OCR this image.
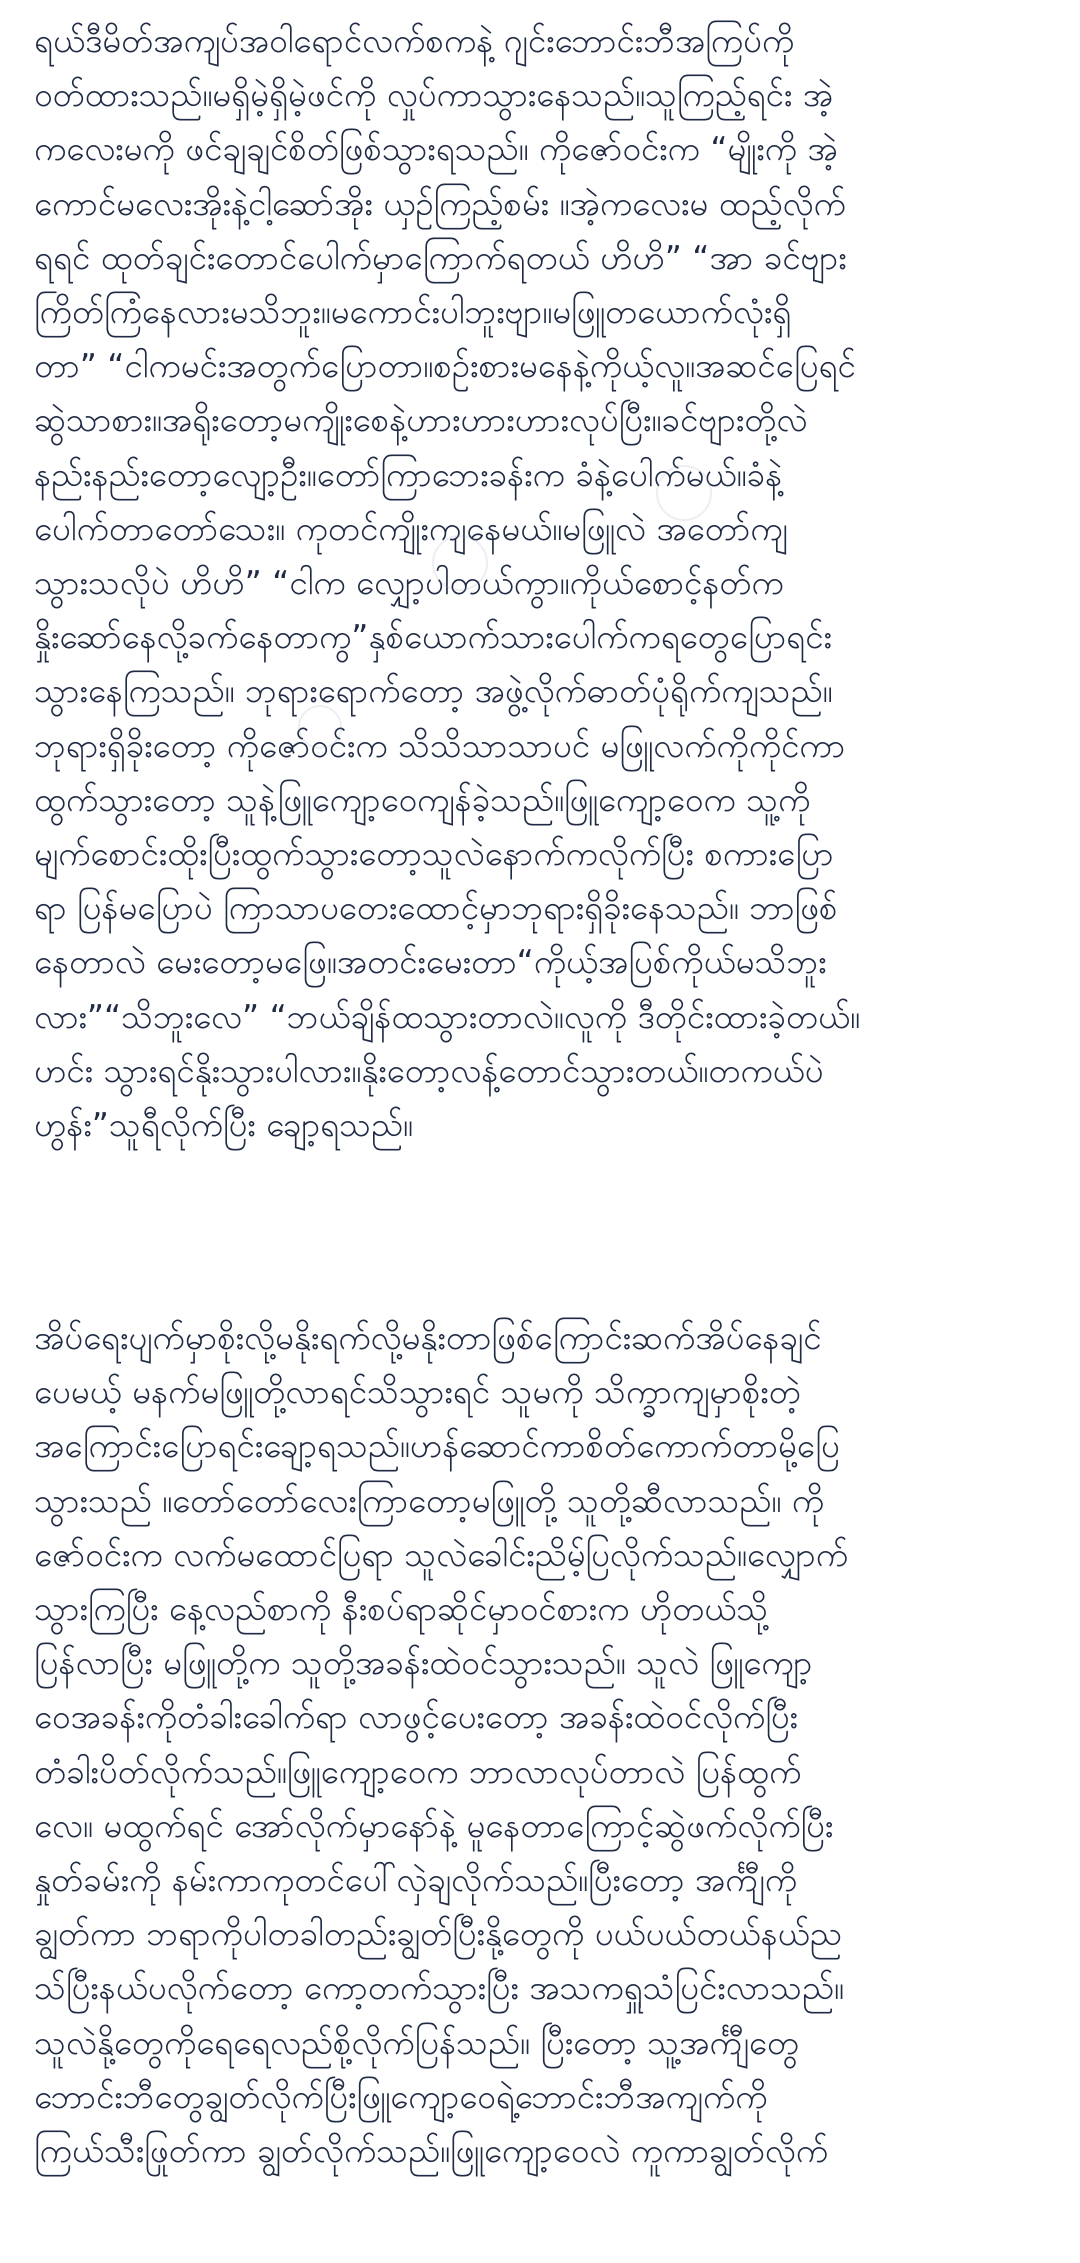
ရယ်ဒီမိတ်အကျပ်အဝါရောင်လက်စကနဲ့ ဂျင်းဘောင်းဘီအကြပ်ကို
ဝတ်ထားသည်။မရှိမဲ့ရှိမဲ့ဖင်ကို လှုပ်ကာသွားနေသည်။သူကြည့်ရင်း အဲ့
ကလေးမကို ဖင်ချချင်စိတ်ဖြစ်သွားရသည်။ ကိုဇော်ဝင်းက “မျိုးကို အဲ့
ကောင်မလေးအိုးနဲ့ငါ့ဆော်အိုး ယှဉ်ကြည့်စမ်း ။အဲ့ကလေးမ ထည့်လိုက်
ရရင် ထုတ်ချင်းတောင်ပေါက်မှာကြောက်ရတယ် ဟိဟိ” “အာ ခင်ဗျား
ကြိတ်ကြံနေလားမသိဘူး။မကောင်းပါဘူးဗျာ။မဖြူတယောက်လုံးရှိ
တာ” “ငါကမင်းအတွက်ပြောတာ။စဉ်းစားမနေနဲ့ကိုယ့်လူ။အဆင်ပြေရင်
ဆွဲသာစား။အရိုးတော့မကျိုးစေနဲ့ဟားဟားဟားလုပ်ပြီး။ခင်ဗျားတို့လဲ
နည်းနည်းတော့လျော့ဦး။တော်ကြာဘေးခန်းက ခံနဲ့ပေါက်မယ်။ခံနဲ့
ပေါက်တာတော်သေး။ ကုတင်ကျိုးကျနေမယ်။မဖြူလဲ အတော်ကျ
သွားသလိုပဲ ဟိဟိ” “ငါက လျှော့ပါတယ်ကွာ။ကိုယ်စောင့်နတ်က
နှိုးဆော်နေလို့ခက်နေတာကွ”နှစ်ယောက်သားပေါက်ကရတွေပြောရင်း
သွားနေကြသည်။ ဘုရားရောက်တော့ အဖွဲ့လိုက်ဓာတ်ပုံရိုက်ကျသည်။
ဘုရားရှိခိုးတော့ ကိုဇော်ဝင်းက သိသိသာသာပင် မဖြူလက်ကိုကိုင်ကာ
ထွက်သွားတော့ သူနဲ့ဖြူကျော့ဝေကျန်ခဲ့သည်။ဖြူကျော့ဝေက သူ့ကို
မျက်စောင်းထိုးပြီးထွက်သွားတော့သူလဲနောက်ကလိုက်ပြီး စကားပြော
ရာ ပြန်မပြောပဲ ကြာသာပတေးထောင့်မှာဘုရားရှိခိုးနေသည်။ ဘာဖြစ်
နေတာလဲ မေးတော့မဖြေ။အတင်းမေးတာ“ကိုယ့်အပြစ်ကိုယ်မသိဘူး
လား”“သိဘူးလေ” “ဘယ်ချိန်ထသွားတာလဲ။လူကို ဒီတိုင်းထားခဲ့တယ်။
ဟင်း သွားရင်နိုးသွားပါလား။နိုးတော့လန့်တောင်သွားတယ်။တကယ်ပဲ
ဟွန်း”သူရီလိုက်ပြီး ချော့ရသည်။
အိပ်ရေးပျက်မှာစိုးလို့မနိုးရက်လို့မနိုးတာဖြစ်ကြောင်းဆက်အိပ်နေချင်
ပေမယ့် မနက်မဖြူတို့လာရင်သိသွားရင် သူမကို သိက္ခာကျမှာစိုးတဲ့
အကြောင်းပြောရင်းချော့ရသည်။ဟန်ဆောင်ကာစိတ်ကောက်တာမို့ပြေ
သွားသည် ။တော်တော်လေးကြာတော့မဖြူတို့ သူတို့ဆီလာသည်။ ကို
ဇော်ဝင်းက လက်မထောင်ပြရာ သူလဲခေါင်းညိမ့်ပြလိုက်သည်။လျှောက်
သွားကြပြီး နေ့လည်စာကို နီးစပ်ရာဆိုင်မှာဝင်စားက ဟိုတယ်သို့
ပြန်လာပြီး မဖြူတို့က သူတို့အခန်းထဲဝင်သွားသည်။ သူလဲ ဖြူကျော့
ဝေအခန်းကိုတံခါးခေါက်ရာ လာဖွင့်ပေးတော့ အခန်းထဲဝင်လိုက်ပြီး
တံခါးပိတ်လိုက်သည်။ဖြူကျော့ဝေက ဘာလာလုပ်တာလဲ ပြန်ထွက်
လေ။ မထွက်ရင် အော်လိုက်မှာနော်နဲ့ မူနေတာကြောင့်ဆွဲဖက်လိုက်ပြီး
နှုတ်ခမ်းကို နမ်းကာကုတင်ပေါ်လှဲချလိုက်သည်။ပြီးတော့ အင်္ကျီကို
ချွတ်ကာ ဘရာကိုပါတခါတည်းချွတ်ပြီးနို့တွေကို ပယ်ပယ်တယ်နယ်ည
သ်ပြီးနယ်ပလိုက်တော့ ကော့တက်သွားပြီး အသကရှူသံပြင်းလာသည်။
သူလဲနို့တွေကိုရေရေလည်စို့လိုက်ပြန်သည်။ ပြီးတော့ သူ့အင်္ကျီတွေ
ဘောင်းဘီတွေချွတ်လိုက်ပြီးဖြူကျော့ဝေရဲ့ဘောင်းဘီအကျက်ကို
ကြယ်သီးဖြုတ်ကာ ချွတ်လိုက်သည်။ဖြူကျော့ဝေလဲ ကူကာချွတ်လိုက်
